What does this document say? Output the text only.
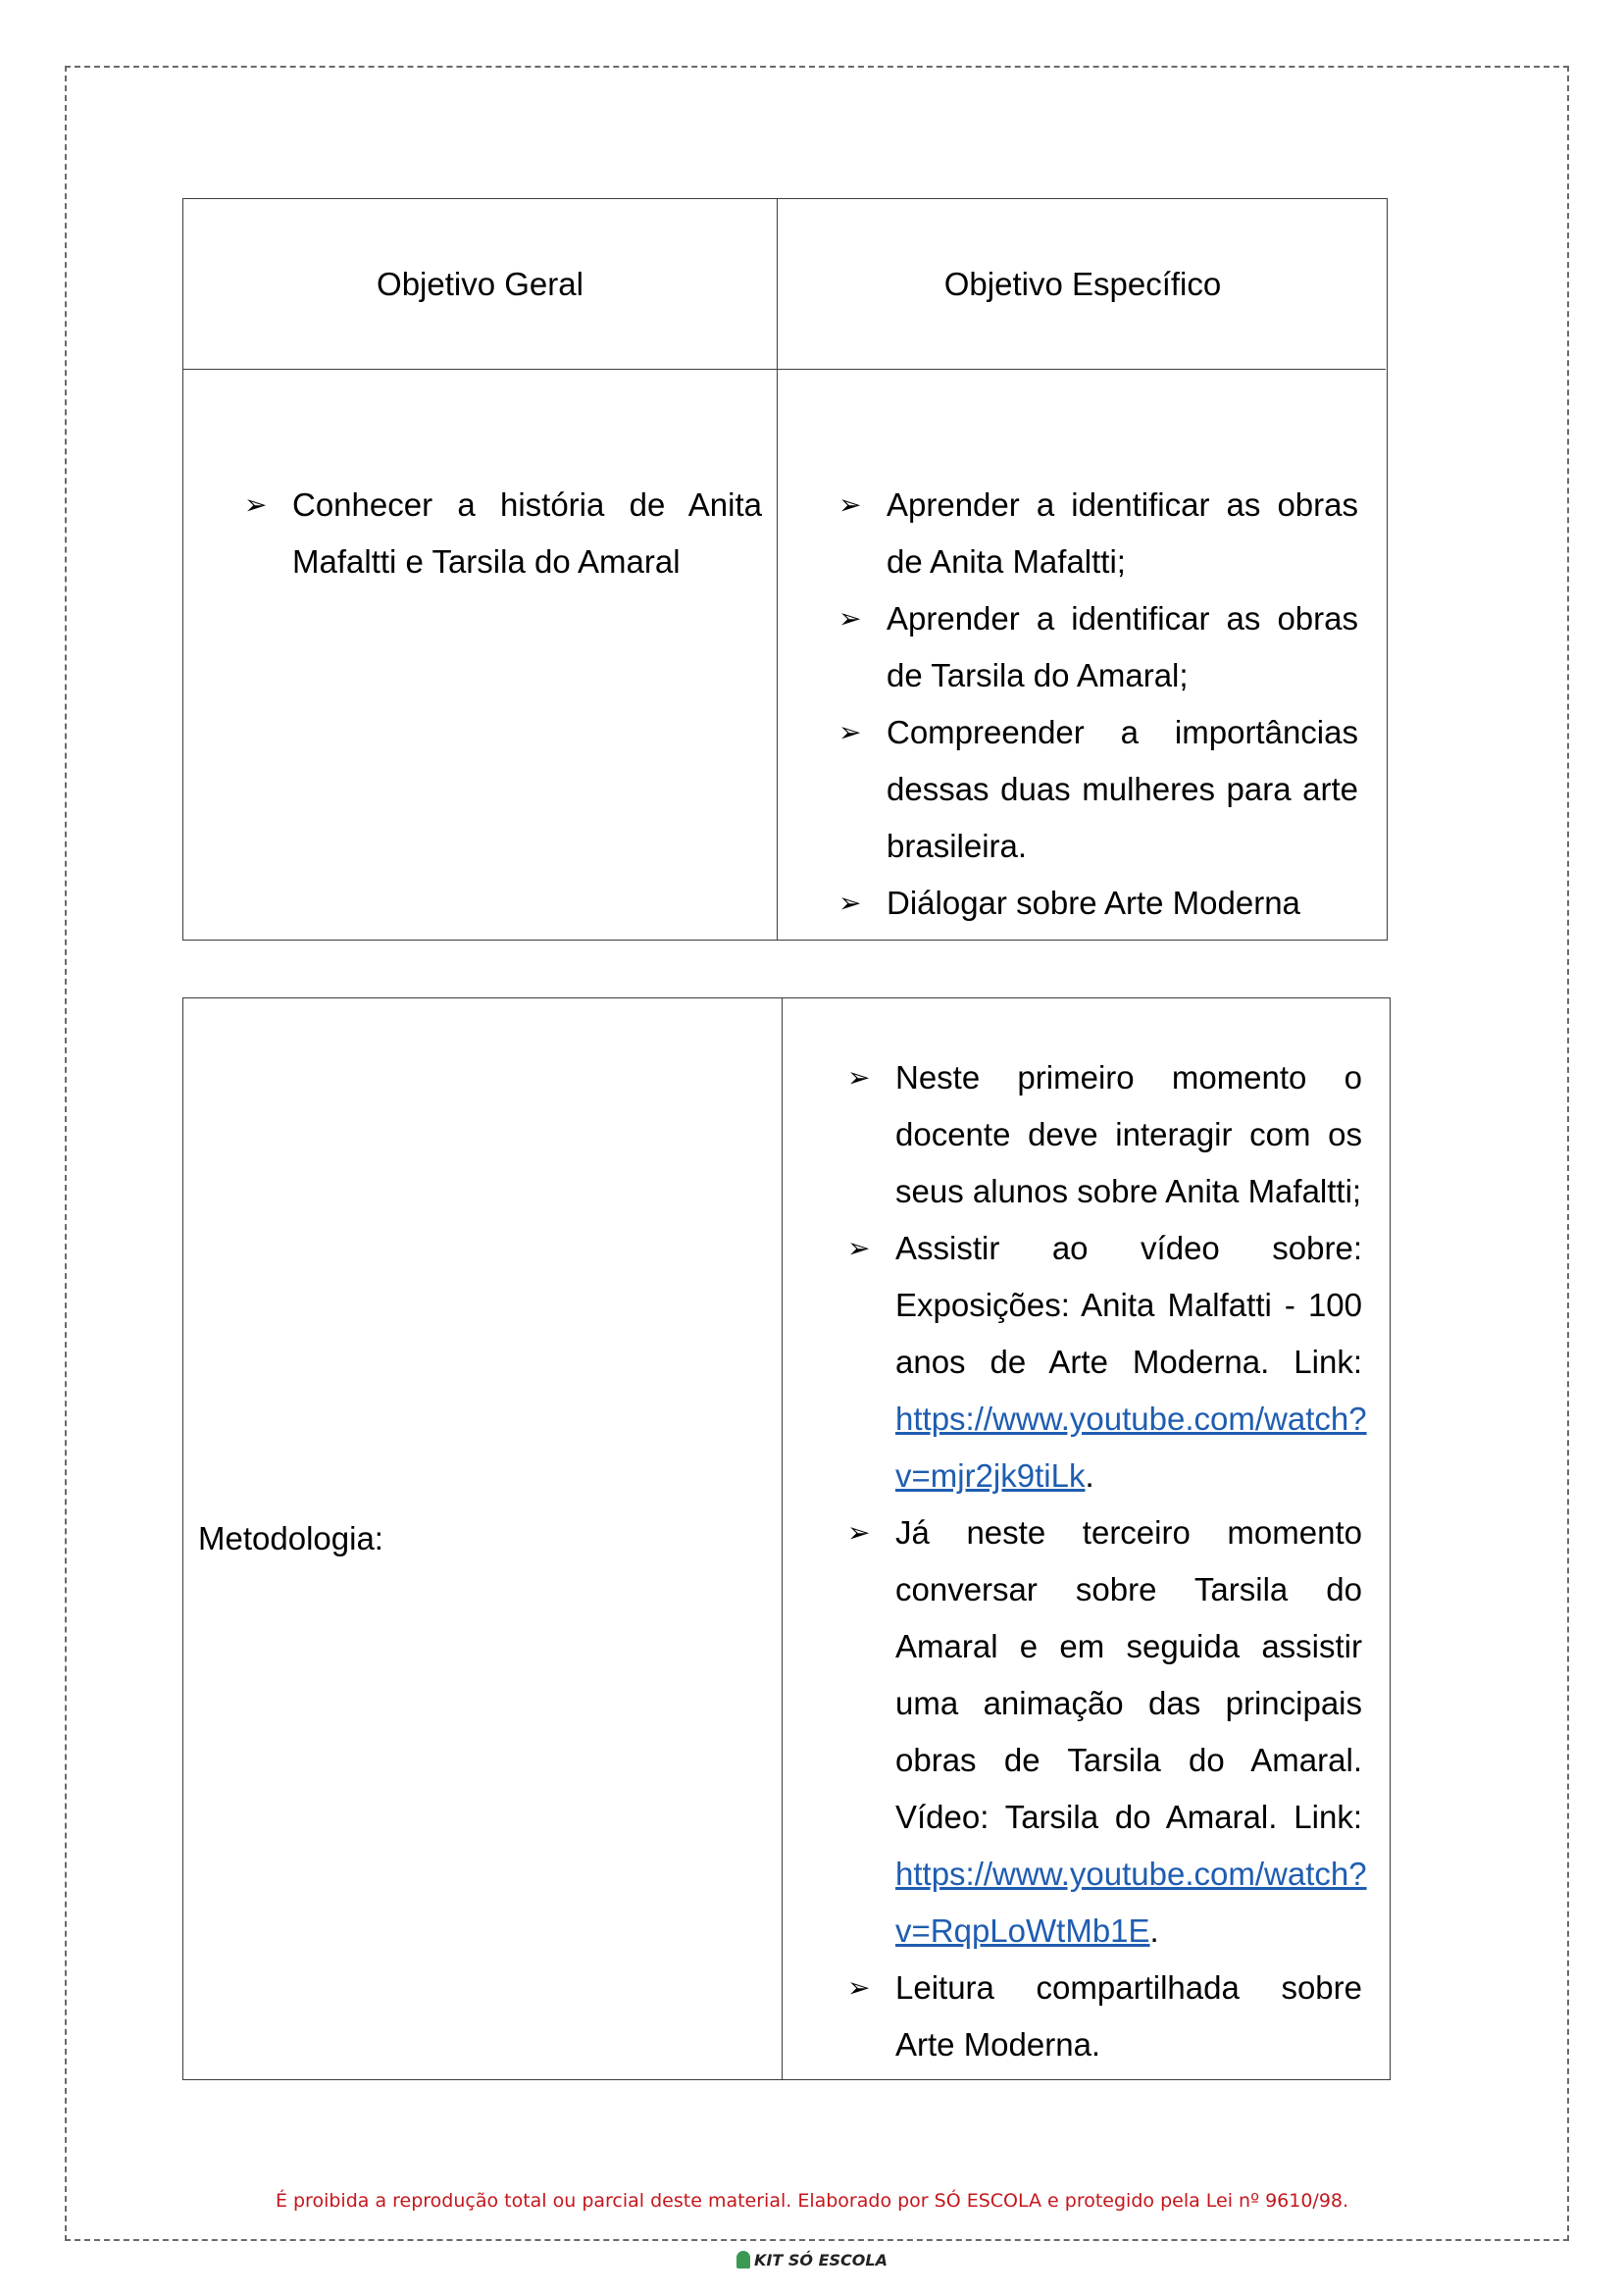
Objetivo Geral	Objetivo Específico
➢ Conhecer a história de Anita Mafaltti e Tarsila do Amaral
➢ Aprender a identificar as obras de Anita Mafaltti;
➢ Aprender a identificar as obras de Tarsila do Amaral;
➢ Compreender a importâncias dessas duas mulheres para arte brasileira.
➢ Diálogar sobre Arte Moderna
Metodologia:
➢ Neste primeiro momento o docente deve interagir com os seus alunos sobre Anita Mafaltti;
➢ Assistir ao vídeo sobre: Exposições: Anita Malfatti - 100 anos de Arte Moderna. Link: https://www.youtube.com/watch?v=mjr2jk9tiLk.
➢ Já neste terceiro momento conversar sobre Tarsila do Amaral e em seguida assistir uma animação das principais obras de Tarsila do Amaral. Vídeo: Tarsila do Amaral. Link: https://www.youtube.com/watch?v=RqpLoWtMb1E.
➢ Leitura compartilhada sobre Arte Moderna.
É proibida a reprodução total ou parcial deste material. Elaborado por SÓ ESCOLA e protegido pela Lei nº 9610/98.
KIT SÓ ESCOLA
